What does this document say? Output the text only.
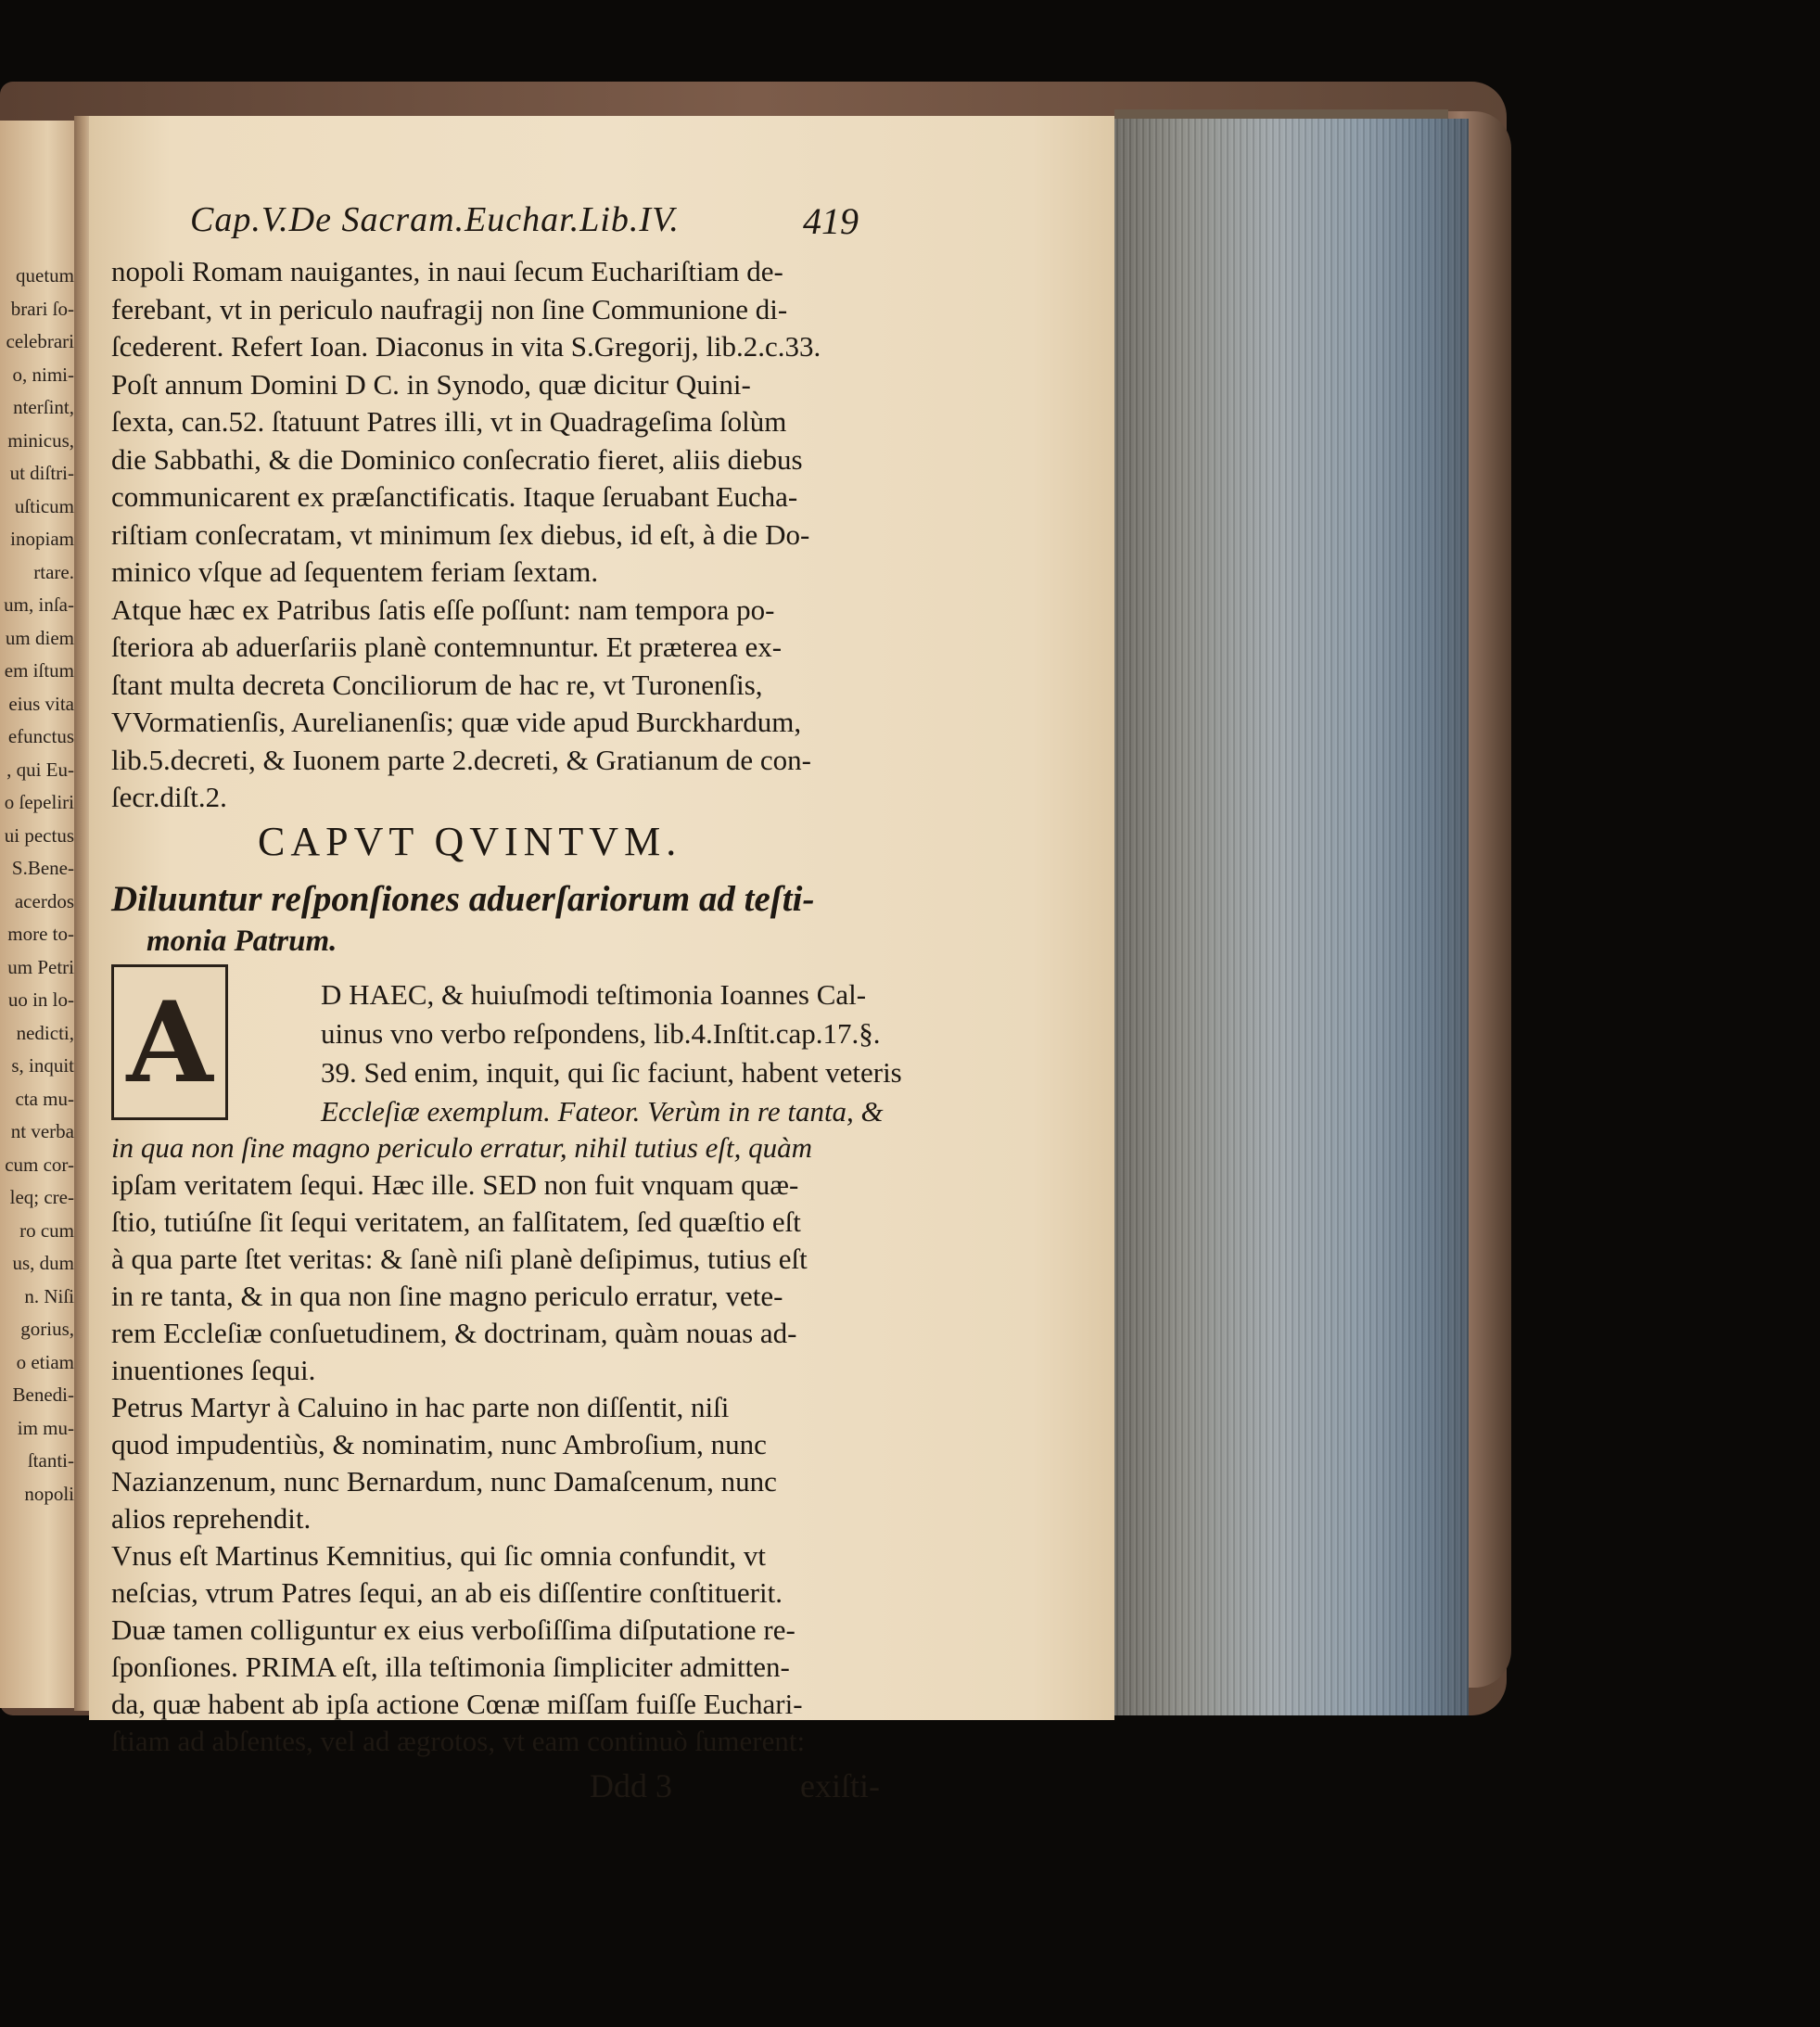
quetum
brari ſo-
celebrari
o, nimi-
nterſint,
minicus,
ut diſtri-
uſticum
inopiam
rtare.
um, inſa-
um diem
em iſtum
eius vita
efunctus
, qui Eu-
o ſepeliri
ui pectus
S.Bene-
acerdos
more to-
um Petri
uo in lo-
nedicti,
s, inquit
cta mu-
nt verba
cum cor-
leq; cre-
ro cum
us, dum
n. Niſi
gorius,
o etiam
Benedi-
im mu-
ſtanti-
nopoli
Cap.V.De Sacram.Euchar.Lib.IV.	419
nopoli Romam nauigantes, in naui ſecum Euchariſtiam de-
ferebant, vt in periculo naufragij non ſine Communione di-
ſcederent. Refert Ioan. Diaconus in vita S.Gregorij, lib.2.c.33.
Poſt annum Domini D C. in Synodo, quæ dicitur Quini-
ſexta, can.52. ſtatuunt Patres illi, vt in Quadrageſima ſolùm
die Sabbathi, & die Dominico conſecratio fieret, aliis diebus
communicarent ex præſanctificatis. Itaque ſeruabant Eucha-
riſtiam conſecratam, vt minimum ſex diebus, id eſt, à die Do-
minico vſque ad ſequentem feriam ſextam.
Atque hæc ex Patribus ſatis eſſe poſſunt: nam tempora po-
ſteriora ab aduerſariis planè contemnuntur. Et præterea ex-
ſtant multa decreta Conciliorum de hac re, vt Turonenſis,
VVormatienſis, Aurelianenſis; quæ vide apud Burckhardum,
lib.5.decreti, & Iuonem parte 2.decreti, & Gratianum de con-
ſecr.diſt.2.
CAPVT QVINTVM.
Diluuntur reſponſiones aduerſariorum ad teſti-
monia Patrum.
A	D HAEC, & huiuſmodi teſtimonia Ioannes Cal-
uinus vno verbo reſpondens, lib.4.Inſtit.cap.17.§.
39. Sed enim, inquit, qui ſic faciunt, habent veteris
Eccleſiæ exemplum. Fateor. Verùm in re tanta, &
in qua non ſine magno periculo erratur, nihil tutius eſt, quàm
ipſam veritatem ſequi. Hæc ille. SED non fuit vnquam quæ-
ſtio, tutiúſne ſit ſequi veritatem, an falſitatem, ſed quæſtio eſt
à qua parte ſtet veritas: & ſanè niſi planè deſipimus, tutius eſt
in re tanta, & in qua non ſine magno periculo erratur, vete-
rem Eccleſiæ conſuetudinem, & doctrinam, quàm nouas ad-
inuentiones ſequi.
Petrus Martyr à Caluino in hac parte non diſſentit, niſi
quod impudentiùs, & nominatim, nunc Ambroſium, nunc
Nazianzenum, nunc Bernardum, nunc Damaſcenum, nunc
alios reprehendit.
Vnus eſt Martinus Kemnitius, qui ſic omnia confundit, vt
neſcias, vtrum Patres ſequi, an ab eis diſſentire conſtituerit.
Duæ tamen colliguntur ex eius verboſiſſima diſputatione re-
ſponſiones. PRIMA eſt, illa teſtimonia ſimpliciter admitten-
da, quæ habent ab ipſa actione Cœnæ miſſam fuiſſe Euchari-
ſtiam ad abſentes, vel ad ægrotos, vt eam continuò ſumerent:
Ddd 3	exiſti-
